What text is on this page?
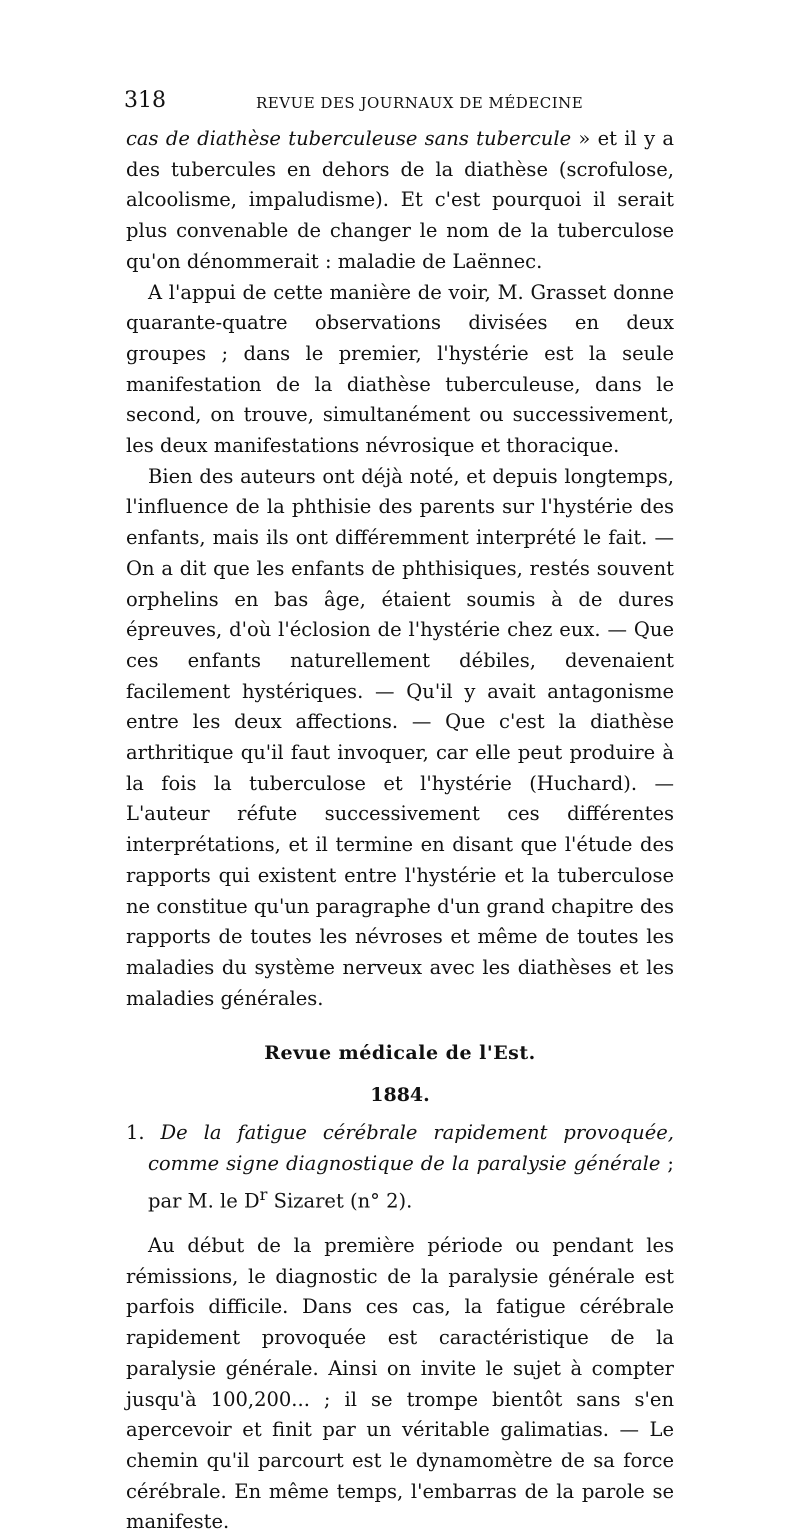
318	REVUE DES JOURNAUX DE MÉDECINE

cas de diathèse tuberculeuse sans tubercule » et il y a des tubercules en dehors de la diathèse (scrofulose, alcoolisme, impaludisme). Et c'est pourquoi il serait plus convenable de changer le nom de la tuberculose qu'on dénommerait : maladie de Laënnec.

A l'appui de cette manière de voir, M. Grasset donne quarante-quatre observations divisées en deux groupes ; dans le premier, l'hystérie est la seule manifestation de la diathèse tuberculeuse, dans le second, on trouve, simultanément ou successivement, les deux manifestations névrosique et thoracique.

Bien des auteurs ont déjà noté, et depuis longtemps, l'influence de la phthisie des parents sur l'hystérie des enfants, mais ils ont différemment interprété le fait. — On a dit que les enfants de phthisiques, restés souvent orphelins en bas âge, étaient soumis à de dures épreuves, d'où l'éclosion de l'hystérie chez eux. — Que ces enfants naturellement débiles, devenaient facilement hystériques. — Qu'il y avait antagonisme entre les deux affections. — Que c'est la diathèse arthritique qu'il faut invoquer, car elle peut produire à la fois la tuberculose et l'hystérie (Huchard). — L'auteur réfute successivement ces différentes interprétations, et il termine en disant que l'étude des rapports qui existent entre l'hystérie et la tuberculose ne constitue qu'un paragraphe d'un grand chapitre des rapports de toutes les névroses et même de toutes les maladies du système nerveux avec les diathèses et les maladies générales.

Revue médicale de l'Est.

1884.

1. De la fatigue cérébrale rapidement provoquée, comme signe diagnostique de la paralysie générale ; par M. le $D^r$ Sizaret (n° 2).

Au début de la première période ou pendant les rémissions, le diagnostic de la paralysie générale est parfois difficile. Dans ces cas, la fatigue cérébrale rapidement provoquée est caractéristique de la paralysie générale. Ainsi on invite le sujet à compter jusqu'à 100,200... ; il se trompe bientôt sans s'en apercevoir et finit par un véritable galimatias. — Le chemin qu'il parcourt est le dynamomètre de sa force cérébrale. En même temps, l'embarras de la parole se manifeste.
